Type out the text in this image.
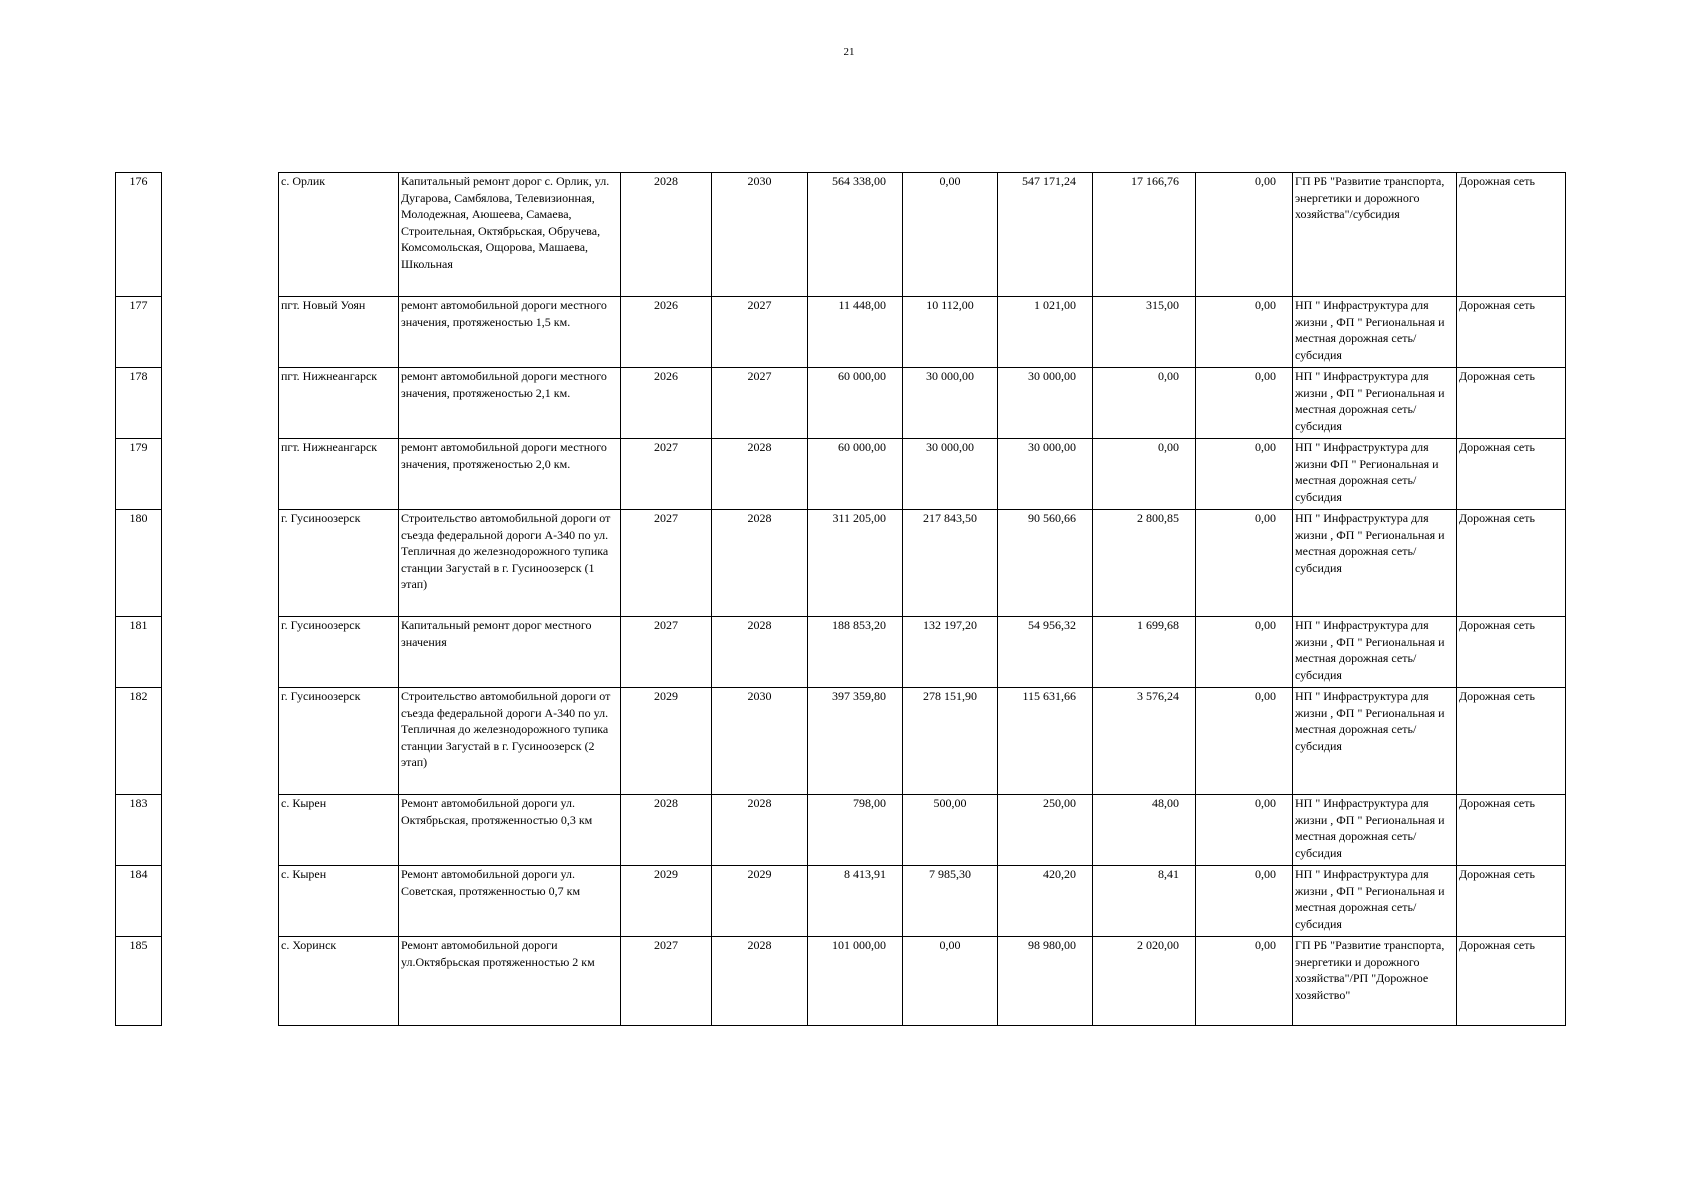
21
176		с. Орлик	Капитальный ремонт дорог с. Орлик, ул. Дугарова, Самбялова, Телевизионная, Молодежная, Аюшеева, Самаева, Строительная, Октябрьская, Обручева, Комсомольская, Ощорова, Машаева, Школьная	2028	2030	564 338,00	0,00	547 171,24	17 166,76	0,00	ГП РБ "Развитие транспорта, энергетики и дорожного хозяйства"/субсидия	Дорожная сеть
177		пгт. Новый Уоян	ремонт автомобильной дороги местного значения, протяженостью 1,5 км.	2026	2027	11 448,00	10 112,00	1 021,00	315,00	0,00	НП " Инфраструктура для жизни , ФП " Региональная и местная дорожная сеть/субсидия	Дорожная сеть
178		пгт. Нижнеангарск	ремонт автомобильной дороги местного значения, протяженостью 2,1 км.	2026	2027	60 000,00	30 000,00	30 000,00	0,00	0,00	НП " Инфраструктура для жизни , ФП " Региональная и местная дорожная сеть/субсидия	Дорожная сеть
179		пгт. Нижнеангарск	ремонт автомобильной дороги местного значения, протяженостью 2,0 км.	2027	2028	60 000,00	30 000,00	30 000,00	0,00	0,00	НП " Инфраструктура для жизни ФП " Региональная и местная дорожная сеть/субсидия	Дорожная сеть
180		г. Гусиноозерск	Строительство автомобильной дороги от съезда федеральной дороги А-340 по ул. Тепличная до железнодорожного тупика станции Загустай в г. Гусиноозерск (1 этап)	2027	2028	311 205,00	217 843,50	90 560,66	2 800,85	0,00	НП " Инфраструктура для жизни , ФП " Региональная и местная дорожная сеть/субсидия	Дорожная сеть
181		г. Гусиноозерск	Капитальный ремонт дорог местного значения	2027	2028	188 853,20	132 197,20	54 956,32	1 699,68	0,00	НП " Инфраструктура для жизни , ФП " Региональная и местная дорожная сеть/субсидия	Дорожная сеть
182		г. Гусиноозерск	Строительство автомобильной дороги от съезда федеральной дороги А-340 по ул. Тепличная до железнодорожного тупика станции Загустай в г. Гусиноозерск (2 этап)	2029	2030	397 359,80	278 151,90	115 631,66	3 576,24	0,00	НП " Инфраструктура для жизни , ФП " Региональная и местная дорожная сеть/субсидия	Дорожная сеть
183		с. Кырен	Ремонт автомобильной дороги ул. Октябрьская, протяженностью 0,3 км	2028	2028	798,00	500,00	250,00	48,00	0,00	НП " Инфраструктура для жизни , ФП " Региональная и местная дорожная сеть/субсидия	Дорожная сеть
184		с. Кырен	Ремонт автомобильной дороги ул. Советская, протяженностью 0,7 км	2029	2029	8 413,91	7 985,30	420,20	8,41	0,00	НП " Инфраструктура для жизни , ФП " Региональная и местная дорожная сеть/субсидия	Дорожная сеть
185		с. Хоринск	Ремонт автомобильной дороги ул.Октябрьская протяженностью 2 км	2027	2028	101 000,00	0,00	98 980,00	2 020,00	0,00	ГП РБ "Развитие транспорта, энергетики и дорожного хозяйства"/РП "Дорожное хозяйство"	Дорожная сеть
